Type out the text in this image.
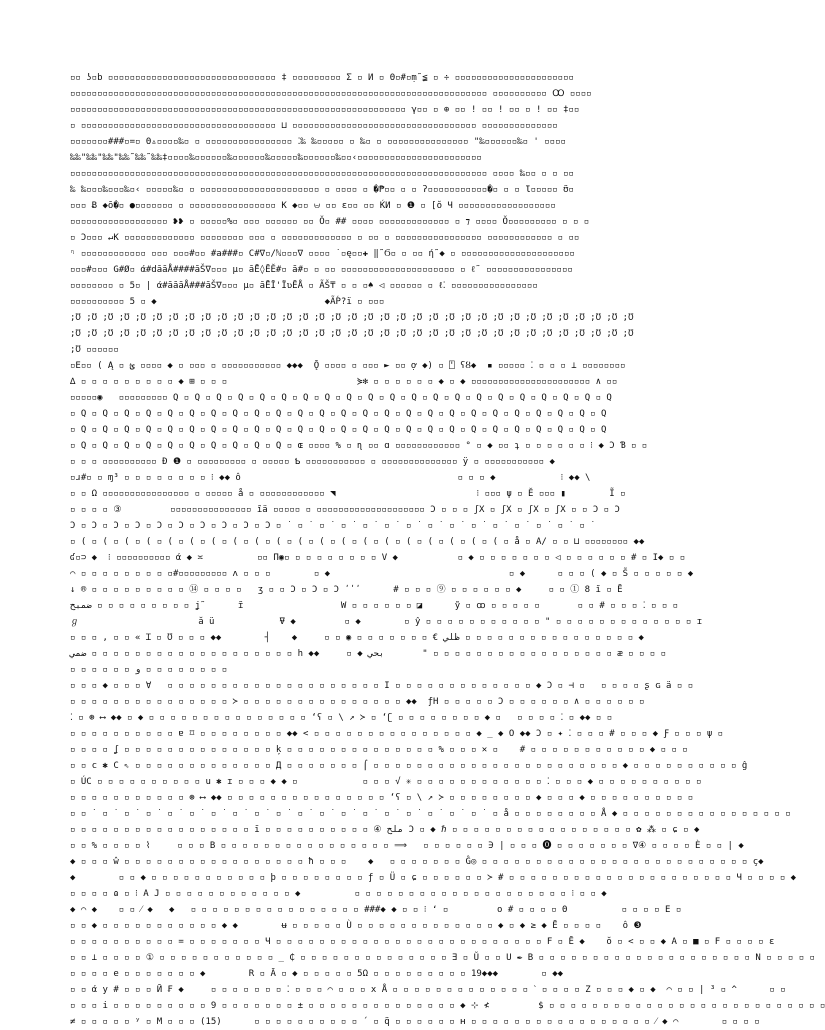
▫▫ ʖ▫b ▫▫▫▫▫▫▫▫▫▫▫▫▫▫▫▫▫▫▫▫▫▫▫▫▫▫▫▫▫▫▫ ‡ ▫▫▫▫▫▫▫▫▫ Σ ▫ И ▫ Θ▫#▫ṃ̃ ≨ ▫ ÷ ▫▫▫▫▫▫▫▫▫▫▫▫▫▫▫▫▫▫▫▫▫▫
▫▫▫▫▫▫▫▫▫▫▫▫▫▫▫▫▫▫▫▫▫▫▫▫▫▫▫▫▫▫▫▫▫▫▫▫▫▫▫▫▫▫▫▫▫▫▫▫▫▫▫▫▫▫▫▫▫▫▫▫▫▫▫▫▫▫▫▫▫▫▫▫▫▫▫▫▫ ▫▫▫▫▫▫▫▫▫▫ Ꝏ ▫▫▫▫
▫▫▫▫▫▫▫▫▫▫▫▫▫▫▫▫▫▫▫▫▫▫▫▫▫▫▫▫▫▫▫▫▫▫▫▫▫▫▫▫▫▫▫▫▫▫▫▫▫▫▫▫▫▫▫▫▫▫▫▫▫▫ γ▫▫ ▫ ⊕ ▫▫ ! ▫▫ ! ▫▫ ▫ ! ▫▫ ‡▫▫
▫ ▫▫▫▫▫▫▫▫▫▫▫▫▫▫▫▫▫▫▫▫▫▫▫▫▫▫▫▫▫▫▫▫▫▫▫▫ ⊔ ▫▫▫▫▫▫▫▫▫▫▫▫▫▫▫▫▫▫▫▫▫▫▫▫▫▫▫▫▫▫▫▫▫▫ ▫▫▫▫▫▫▫▫▫▫▫▫▫▫
▫▫▫▫▫▫▫###▫=▫ Θ▵▫▫▫▫‰▫ ▫ ▫▫▫▫▫▫▫▫▫▫▫▫▫▫▫▫ ⁚‰ ‰▫▫▫▫▫ ▫ ‰▫ ▫ ▫▫▫▫▫▫▫▫▫▫▫▫▫▫▫ "‰▫▫▫▫▫▫‰▫ ' ▫▫▫▫
‰‰"‰‰"‰‰"‰‰˜‰‰˜‰‰‡▫▫▫▫‰▫▫▫▫▫▫‰▫▫▫▫▫▫‰▫▫▫▫▫‰▫▫▫▫▫▫‰▫▫‹▫▫▫▫▫▫▫▫▫▫▫▫▫▫▫▫▫▫▫▫▫▫▫
▫▫▫▫▫▫▫▫▫▫▫▫▫▫▫▫▫▫▫▫▫▫▫▫▫▫▫▫▫▫▫▫▫▫▫▫▫▫▫▫▫▫▫▫▫▫▫▫▫▫▫▫▫▫▫▫▫▫▫▫▫▫▫▫▫▫▫▫▫▫▫▫▫▫▫▫▫ ▫▫▫▫ ‰▫▫ ▫ ▫ ▫▫
‰ ‰▫▫▫‰▫▫▫‰▫‹ ▫▫▫▫▫‰▫ ▫ ▫▫▫▫▫▫▫▫▫▫▫▫▫▫▫▫▫▫▫▫▫▫ ▫ ▫▫▫▫ ▫ �₱▫▫ ▫ ▫ ʔ▫▫▫▫▫▫▫▫▫▫▫�▫ ▫ ▫ Ɩ▫▫▫▫▫ ʊ̃▫
▫▫▫ Ƀ ◆ō�▫ ●▫▫▫▫▫▫▫ ▫ ▫▫▫▫▫▫▫▫▫▫▫▫▫▫▫▫ K ◆▫▫ ⩁ ▫▫ ɛ▫▫ ▫▫ ЌИ ▫ ❶ ▫ [ŏ Ч ▫▫▫▫▫▫▫▫▫▫▫▫▫▫▫▫▫▫
▫▫▫▫▫▫▫▫▫▫▫▫▫▫▫▫▫▫ ❥❥ ▫ ▫▫▫▫▫%▫ ▫▫▫ ▫▫▫▫▫▫ ▫▫ Ŏ▫ ## ▫▫▫▫ ▫▫▫▫▫▫▫▫▫▫▫▫▫ ▫ ⁊ ▫▫▫▫ Ŏ▫▫▫▫▫▫▫▫▫ ▫ ▫ ▫
▫ Ɔ▫▫▫ ↵K ▫▫▫▫▫▫▫▫▫▫▫▫▫ ▫▫▫▫▫▫▫▫ ▫▫▫ ▫ ▫▫▫▫▫▫▫▫▫▫▫▫▫ ▫ ▫▫ ▫ ▫▫▫▫▫▫▫▫▫▫▫▫▫▫▫▫ ▫▫▫▫▫▫▫▫▫▫▫▫ ▫ ▫▫
ᶯ ▫▫▫▫▫▫▫▫▫▫▫▫ ▫▫▫ ▫▫▫#▫▫ #a###▫ C#∇▫/ℕ▫▫▫∇ ▫▫▫▫ ˙▫ę▫▫✚ ‖˜Ϭ▫ ▫ ▫▫ ή̃ ◆ ▫ ▫▫▫▫▫▫▫▫▫▫▫▫▫▫▫▫▫▫▫▫▫
▫▫▫#▫▫▫ G#Ø▫ ά#dāāÅ####āŠ∇▫▫▫ μ▫ ā̈Ē◊ĒĔ#▫ ā#▫ ▫ ▫▫ ▫▫▫▫▫▫▫▫▫▫▫▫▫▫▫▫▫▫▫▫▫ ▫ ℓ˜ ▫▫▫▫▫▫▫▫▫▫▫▫▫▫▫▫
▫▫▫▫▫▫▫▫ ▫ 5▫ | ά#āāāÅ###āŠ∇▫▫▫ μ▫ ā̈ĒĪ'ÏʋĒÅ ▫ ÃŠ₸ ▫ ▫ ▫♠ ◁ ▫▫▫▫▫▫ ▫ ℓ⁚ ▫▫▫▫▫▫▫▫▫▫▫▫▫▫▫▫
▫▫▫▫▫▫▫▫▫▫ 5 ▫ ◆                               ◆ÃṔ?ї ▫ ▫▫▫
;Ʊ ;Ʊ ;Ʊ ;Ʊ ;Ʊ ;Ʊ ;Ʊ ;Ʊ ;Ʊ ;Ʊ ;Ʊ ;Ʊ ;Ʊ ;Ʊ ;Ʊ ;Ʊ ;Ʊ ;Ʊ ;Ʊ ;Ʊ ;Ʊ ;Ʊ ;Ʊ ;Ʊ ;Ʊ ;Ʊ ;Ʊ ;Ʊ ;Ʊ ;Ʊ ;Ʊ ;Ʊ ;Ʊ ;Ʊ ;Ʊ
;Ʊ ;Ʊ ;Ʊ ;Ʊ ;Ʊ ;Ʊ ;Ʊ ;Ʊ ;Ʊ ;Ʊ ;Ʊ ;Ʊ ;Ʊ ;Ʊ ;Ʊ ;Ʊ ;Ʊ ;Ʊ ;Ʊ ;Ʊ ;Ʊ ;Ʊ ;Ʊ ;Ʊ ;Ʊ ;Ʊ ;Ʊ ;Ʊ ;Ʊ ;Ʊ ;Ʊ ;Ʊ ;Ʊ ;Ʊ ;Ʊ
;Ʊ ▫▫▫▫▫▫
▫Ε▫▫ ( Ą ▫ ؿ ▫▫▫▫ ◆ ▫ ▫▫▫ ▫ ▫▫▫▫▫▫▫▫▫▫▫ ◆◆◆  Ǭ ▫▫▫▫ ▫ ▫▫▫ ► ▫▫ ợ ◆) ▫ ⍞ ʕȢ◆  ▪ ▫▫▫▫▫ ⁚ ▫ ▫ ▫ ⊥ ▫▫▫▫▫▫▫▫
∆ ▫ ▫ ▫ ▫ ▫ ▫ ▫ ▫ ▫ ◆ ⊞ ▫ ▫ ▫                        ⋟✻ ▫ ▫ ▫ ▫ ▫ ▫ ◆ ▫ ◆ ▫▫▫▫▫▫▫▫▫▫▫▫▫▫▫▫▫▫▫▫▫▫ ∧ ▫▫
▫▫▫▫▫◉   ▫▫▫▫▫▫▫▫▫ Q ▫ Q ▫ Q ▫ Q ▫ Q ▫ Q ▫ Q ▫ Q ▫ Q ▫ Q ▫ Q ▫ Q ▫ Q ▫ Q ▫ Q ▫ Q ▫ Q ▫ Q ▫ Q ▫ Q ▫ Q
▫ Q ▫ Q ▫ Q ▫ Q ▫ Q ▫ Q ▫ Q ▫ Q ▫ Q ▫ Q ▫ Q ▫ Q ▫ Q ▫ Q ▫ Q ▫ Q ▫ Q ▫ Q ▫ Q ▫ Q ▫ Q ▫ Q ▫ Q ▫ Q ▫ Q
▫ Q ▫ Q ▫ Q ▫ Q ▫ Q ▫ Q ▫ Q ▫ Q ▫ Q ▫ Q ▫ Q ▫ Q ▫ Q ▫ Q ▫ Q ▫ Q ▫ Q ▫ Q ▫ Q ▫ Q ▫ Q ▫ Q ▫ Q ▫ Q ▫ Q
▫ Q ▫ Q ▫ Q ▫ Q ▫ Q ▫ Q ▫ Q ▫ Q ▫ Q ▫ Q ▫ ɶ ▫▫▫▫ % ▫ ɳ ▫▫ ɑ ▫▫▫▫▫▫▫▫▫▫▫▫ ° ▫ ◆ ▫▫ ʇ ▫ ▫ ▫ ▫ ▫ ▫ ⁝ ◆ Ɔ Ɓ ▫ ▫
▫ ▫ ▫ ▫▫▫▫▫▫▫▫▫▫ Ð ❶ ▫ ▫▫▫▫▫▫▫▫▫ ▫ ▫▫▫▫▫ Ƅ ▫▫▫▫▫▫▫▫▫▫▫ ▫ ▫▫▫▫▫▫▫▫▫▫▫▫▫▫ ÿ ▫ ▫▫▫▫▫▫▫▫▫▫▫ ◆
▫ɹ#▫ ▫ ɱ³ ▫ ▫ ▫ ▫ ▫ ▫ ▫ ▫ ⁝ ◆◆ ô                                        ▫ ▫ ▫ ◆            ⁝ ◆◆ \
▫ ▫ Ω ▫▫▫▫▫▫▫▫▫▫▫▫▫▫▫▫ ▫ ▫▫▫▫▫ å ▫ ▫▫▫▫▫▫▫▫▫▫▫▫ ◥                          ⁝ ▫▫▫ ψ ▫ Ĕ ▫▫▫ ▮        Ĩ ▫
▫ ▫ ▫ ▫ ③         ▫▫▫▫▫▫▫▫▫▫▫▫▫▫▫ ȋä ▫▫▫▫▫ ▫ ▫▫▫▫▫▫▫▫▫▫▫▫▫▫▫▫▫▫▫▫ Ɔ ▫ ▫ ▫ ʃX ▫ ʃX ▫ ʃX ▫ ʃX ▫ ▫ Ɔ ▫ Ɔ
Ɔ ▫ Ɔ ▫ Ɔ ▫ Ɔ ▫ Ɔ ▫ Ɔ ▫ Ɔ ▫ Ɔ ▫ Ɔ ▫ Ɔ ▫ ˙ ▫ ˙ ▫ ˙ ▫ ˙ ▫ ˙ ▫ ˙ ▫ ˙ ▫ ˙ ▫ ˙ ▫ ˙ ▫ ˙ ▫ ˙ ▫ ˙ ▫ ˙ ▫ ˙
▫ ( ▫ ( ▫ ( ▫ ( ▫ ( ▫ ( ▫ ( ▫ ( ▫ ( ▫ ( ▫ ( ▫ ( ▫ ( ▫ ( ▫ ( ▫ ( ▫ ( ▫ ( ▫ ( ▫ ( ▫ å ▫ A∕ ▫ ▫ ⊔ ▫▫▫▫▫▫▫▫ ◆◆
ʛ▫⊃ ◆  ⁝ ▫▫▫▫▫▫▫▫▫▫ ά ◆ ≍          ▫▫ Π◉▫ ▫ ▫ ▫ ▫ ▫ ▫ ▫ ▫ V ◆           ▫ ◆ ▫ ▫ ▫ ▫ ▫ ▫ ▫ ◁ ▫ ▫ ▫ ▫ ▫ ▫ # ▫ I◆ ▫ ▫
⌒ ▫ ▫ ▫ ▫ ▫ ▫ ▫ ▫ ▫#▫▫▫▫▫▫▫▫▫ ʌ ▫ ▫ ▫        ▫ ◆                                 ▫ ◆      ▫ ▫ ▫ ( ◆ ▫ S̃ ▫ ▫ ▫ ▫ ▫ ◆
↓ ® ▫ ▫ ▫ ▫ ▫ ▫ ▫ ▫ ▫ ⑭ ▫ ▫ ▫ ▫   ʒ ▫ ▫ Ɔ ▫ Ɔ ▫ Ɔ ʹʹʹ      # ▫ ▫ ▫ ⑨ ▫ ▫ ▫ ▫ ▫ ▫ ◆     ▫ ▫ ① 8 ĭ ▫ Ē
ضمبح ▫ ▫ ▫ ▫ ▫ ▫ ▫ ▫ ▫ ʝ˜      ɪ̃                  W ▫ ▫ ▫ ▫ ▫ ▫ ◪      ỹ ▫ ꝏ ▫ ▫ ▫ ▫ ▫       ▫ ▫ # ▫ ▫ ▫ ⁚ ▫ ▫ ▫
ℊ                      ă ü            ⍫ ◆         ▫ ◆        ▫ ŷ ▫ ▫ ▫ ▫ ▫ ▫ ▫ ▫ ▫ ▫ ▫ " ▫ ▫ ▫ ▫ ▫ ▫ ▫ ▫ ▫ ▫ ▫ ▫ ▫ ɪ
▫ ▫ ▫ , ▫ ▫ « Ɪ ▫ Ʊ ▫ ▫ ▫ ◆◆        ┤    ◆     ▫ ▫ ◉ ▫ ▫ ▫ ▫ ▫ ▫ ▫ € ظلي ▫ ▫ ▫ ▫ ▫ ▫ ▫ ▫ ▫ ▫ ▫ ▫ ▫ ▫ ▫ ▫ ◆
ضمي ▫ ▫ ▫ ▫ ▫ ▫ ▫ ▫ ▫ ▫ ▫ ▫ ▫ ▫ ▫ ▫ ▫ ▫ ▫ h ◆◆     ▫ ◆ بحي       " ▫ ▫ ▫ ▫ ▫ ▫ ▫ ▫ ▫ ▫ ▫ ▫ ▫ ▫ ▫ ▫ ▫ æ ▫ ▫ ▫ ▫
▫ ▫ ▫ ▫ ▫ ▫ و ▫ ▫ ▫ ▫ ▫ ▫ ▫ ▫
▫ ▫ ▫ ◆ ▫ ▫ ▫ ∀   ▫ ▫ ▫ ▫ ▫ ▫ ▫ ▫ ▫ ▫ ▫ ▫ ▫ ▫ ▫ ▫ ▫ ▫ ▫ ▫ I ▫ ▫ ▫ ▫ ▫ ▫ ▫ ▫ ▫ ▫ ▫ ▫ ▫ ◆ Ɔ ▫ ⊣ ▫   ▫ ▫ ▫ ▫ ʂ ɢ ä ▫ ▫
▫ ▫ ▫ ▫ ▫ ▫ ▫ ▫ ▫ ▫ ▫ ▫ ▫ ▫ ▫ ≻ ▫ ▫ ▫ ▫ ▫ ▫ ▫ ▫ ▫ ▫ ▫ ▫ ▫ ▫ ▫ ◆◆  ƒH ▫ ▫ ▫ ▫ ▫ Ɔ ▫ ▫ ▫ ▫ ▫ ▫ ∧ ▫ ▫ ▫ ▫ ▫ ▫
⁚ ▫ ⊛ ⟷ ◆◆ ▫ ◆ ▫ ▫ ▫ ▫ ▫ ▫ ▫ ▫ ▫ ▫ ▫ ▫ ▫ ▫ ▫ ‘ʕ ▫ \ ↗ ≻ ▫ ‘ʗ ▫ ▫ ▫ ▫ ▫ ▫ ▫ ▫ ◆ ▫   ▫ ▫ ▫ ▫ ⁚ ▫ ◆◆ ▫ ▫
▫ ▫ ▫ ▫ ▫ ▫ ▫ ▫ ▫ ▫ ɐ ⌑ ▫ ▫ ▫ ▫ ▫ ▫ ▫ ▫ ◆◆ < ▫ ▫ ▫ ▫ ▫ ▫ ▫ ▫ ▫ ▫ ▫ ▫ ▫ ▫ ▫ ◆ _ ◆ O ◆◆ Ɔ ▫ ✦ ⁚ ▫ ▫ ▫ # ▫ ▫ ▫ ◆ Ƒ ▫ ▫ ▫ ψ ▫
▫ ▫ ▫ ▫ ʆ ▫ ▫ ▫ ▫ ▫ ▫ ▫ ▫ ▫ ▫ ▫ ▫ ▫ ▫ ķ ▫ ▫ ▫ ▫ ▫ ▫ ▫ ▫ ▫ ▫ ▫ ▫ ▫ ▫ % ▫ ▫ ▫ ✕ ▫    # ▫ ▫ ▫ ▫ ▫ ▫ ▫ ▫ ▫ ▫ ▫ ◆ ▫ ▫ ▫
▫ ▫ c ✱ C ⇖ ▫ ▫ ▫ ▫ ▫ ▫ ▫ ▫ ▫ ▫ ▫ ▫ ▫ Д ▫ ▫ ▫ ▫ ▫ ▫ ▫ ⌠ ▫ ▫ ▫ ▫ ▫ ▫ ▫ ▫ ▫ ▫ ▫ ▫ ▫ ▫ ▫ ▫ ▫ ▫ ▫ ▫ ▫ ▫ ▫ ◆ ▫ ▫ ▫ ▫ ▫ ▫ ▫ ▫ ▫ ▫ ĝ
▫ ÚC ▫ ▫ ▫ ▫ ▫ ▫ ▫ ▫ ▫ ▫ u ✱ ɪ ▫ ▫ ▫ ◆ ◆ ▫            ▫ ▫ ▫ √ ✳ ▫ ▫ ▫ ▫ ▫ ▫ ▫ ▫ ▫ ▫ ▫ ▫ ⁚ ▫ ▫ ▫ ◆ ▫ ▫ ▫ ▫ ▫ ▫ ▫ ▫ ▫ ▫
▫ ▫ ▫ ▫ ▫ ▫ ▫ ▫ ▫ ▫ ▫ ⊛ ⟷ ◆◆ ▫ ▫ ▫ ▫ ▫ ▫ ▫ ▫ ▫ ▫ ▫ ▫ ▫ ▫ ▫ ‘ʕ ▫ \ ↗ ≻ ▫ ▫ ▫ ▫ ▫ ▫ ▫ ▫ ◆ ▫ ▫ ▫ ◆ ▫ ▫ ▫ ▫ ▫ ▫ ▫ ▫ ▫ ▫
▫ ▫ ˙ ▫ ˙ ▫ ˙ ▫ ˙ ▫ ˙ ▫ ˙ ▫ ˙ ▫ ˙ ▫ ˙ ▫ ˙ ▫ ˙ ▫ ˙ ▫ ˙ ▫ ˙ ▫ ˙ ▫ ˙ ▫ ˙ ▫ ˙ ▫ ˙ ▫ å ▫ ▫ ▫ ▫ ▫ ▫ ▫ ▫ Å ◆ ▫ ▫ ▫ ▫ ▫ ▫ ▫ ▫ ▫ ▫ ▫ ▫ ▫ ▫ ▫ ▫
▫ ▫ ▫ ▫ ▫ ▫ ▫ ▫ ▫ ▫ ▫ ▫ ▫ ▫ ▫ ▫ ▫ ī ▫ ▫ ▫ ▫ ▫ ▫ ▫ ▫ ▫ ▫ ④ ملح Ɔ ▫ ◆ ℏ ▫ ▫ ▫ ▫ ▫ ▫ ▫ ▫ ▫ ▫ ▫ ▫ ▫ ▫ ▫ ▫ ▫ ✿ ⁂ ▫ ɕ ▫ ◆
▫ ▫ % ▫ ▫ ▫ ▫ ⌇     ▫ ▫ ▫ B ▫ ▫ ▫ ▫ ▫ ▫ ▫ ▫ ▫ ▫ ▫ ▫ ▫ ▫ ▫ ▫ ⟹   ▫ ▫ ▫ ▫ ▫ ▫ ∋ | ▫ ▫ ▫ ⓿ ▫ ▫ ▫ ▫ ▫ ▫ ▫ ∇④ ▫ ▫ ▫ ▫ È ▫ ▫ | ◆
◆ ▫ ▫ ▫ ŵ ▫ ▫ ▫ ▫ ▫ ▫ ▫ ▫ ▫ ▫ ▫ ▫ ▫ ▫ ▫ ▫ ▫ ħ ▫ ▫ ▫    ◆   ▫ ▫ ▫ ▫ ▫ ▫ ▫ Ĝ◎ ▫ ▫ ▫ ▫ ▫ ▫ ▫ ▫ ▫ ▫ ▫ ▫ ▫ ▫ ▫ ▫ ▫ ▫ ▫ ▫ ▫ ▫ ▫ ▫ ▫ ç◆
◆        ▫ ▫ ◆ ▫ ▫ ▫ ▫ ▫ ▫ ▫ ▫ ▫ ▫ ▫ þ ▫ ▫ ▫ ▫ ▫ ▫ ▫ ▫ ƒ ▫ Ü ▫ ɕ ▫ ▫ ▫ ▫ ▫ ▫ ≻ # ▫ ▫ ▫ ▫ ▫ ▫ ▫ ▫ ▫ ▫ ▫ ▫ ▫ ▫ ▫ ▫ ▫ ▫ ▫ ▫ ▫ Ч ▫ ▫ ▫ ▫ ◆
▫ ▫ ▫ ▫ ɷ ▫ ⁝ A J ▫ ▫ ▫ ▫ ▫ ▫ ▫ ▫ ▫ ▫ ▫ ▫ ◆          ▫ ▫ ▫ ▫ ▫ ▫ ▫ ▫ ▫ ▫ ▫ ▫ ▫ ▫ ▫ ▫ ▫ ▫ ▫ ▫ ⁝ ▫ ▫ ◆
◆ ⌒ ◆    ▫ ▫ ⁄ ◆   ◆   ▫ ▫ ▫ ▫ ▫ ▫ ▫ ▫ ▫ ▫ ▫ ▫ ▫ ▫ ▫ ▫ ###◆ ◆ ▫ ▫ ⁝ ʻ ▫         ο # ▫ ▫ ▫ ▫ Θ          ▫ ▫ ▫ ▫ Ε ▫
▫ ▫ ◆ ▫ ▫ ▫ ▫ ▫ ▫ ▫ ▫ ▫ ▫ ▫ ◆ ◆        ʉ ▫ ▫ ▫ ▫ ▫ Ù ▫ ▫ ▫ ▫ ▫ ▫ ▫ ▫ ▫ ▫ ▫ ▫ ▫ ◆ ▫ ◆ ≥ ◆ Ē ▫ ▫ ▫ ▫    ô ❸
▫ ▫ ▫ ▫ ▫ ▫ ▫ ▫ ▫ ▫ = ▫ ▫ ▫ ▫ ▫ ▫ ▫ Ч ▫ ▫ ▫ ▫ ▫ ▫ ▫ ▫ ▫ ▫ ▫ ▫ ▫ ▫ ▫ ▫ ▫ ▫ ▫ ▫ ▫ ▫ ▫ ▫ ▫ F ▫ Ē ◆    ŏ ▫ < ▫ ▫ ◆ A ▫ ■ ▫ F ▫ ▫ ▫ ▫ ε
▫ ▫ ⊥ ▫ ▫ ▫ ▫ ① ▫ ▫ ▫ ▫ ▫ ▫ ▫ ▫ ▫ ▫ ▫ _ ₵ ▫ ▫ ▫ ▫ ▫ ▫ ▫ ▫ ▫ ▫ ▫ ▫ ▫ ▫ ∃ ▫ Ŭ ▫ ▫ U ✒ B ▫ ▫ ▫ ▫ ▫ ▫ ▫ ▫ ▫ ▫ ▫ ▫ ▫ ▫ ▫ ▫ ▫ ▫ ▫ ▫ N ▫ ▫ ▫ ▫ ▫
▫ ▫ ▫ ▫ e ▫ ▫ ▫ ▫ ▫ ▫ ▫ ◆        R ▫ Ā ▫ ◆ ▫ ▫ ▫ ▫ ▫ 5Ω ▫ ▫ ▫ ▫ ▫ ▫ ▫ ▫ ▫ 19◆◆◆        ▫ ◆◆
▫ ▫ ά y # ▫ ▫ ▫ Ӣ ₣ ◆     ▫ ▫ ▫ ▫ ▫ ▫ ▫ ⁚ ▫ ▫ ▫ ⌒ ▫ ▫ ▫ x Å ▫ ▫ ▫ ▫ ▫ ▫ ▫ ▫ ▫ ▫ ▫ ▫ ▫ ˋ ▫ ▫ ▫ ▫ Z ▫ ▫ ▫ ◆ ▫ ◆  ⌒ ▫ ▫ | ³ ▫ ^      ▫ ▫
▫ ▫ ▫ i ▫ ▫ ▫ ▫ ▫ ▫ ▫ ▫ ▫ 9 ▫ ▫ ▫ ▫ ▫ ▫ ▫ ± ▫ ▫ ▫ ▫ ▫ ▫ ▫ ▫ ▫ ▫ ▫ ▫ ▫ ▫ ◆ ⊹ ≮         $ ▫ ▫ ▫ ▫ ▫ ▫ ▫ ▫ ▫ ▫ ▫ ▫ ▫ ▫ ▫ ▫ ▫ ▫ ▫ ▫ ▫ ▫ ▫ ▫ ▫ ▫
≠ ▫ ▫ ▫ ▫ ▫ ʸ ▫ M ▫ ▫ ▫ (15)      ▫ ▫ ▫ ▫ ▫ ▫ ▫ ▫ ▫ ▫ ´ ▫ q̃ ▫ ▫ ▫ ▫ ▫ ▫ ʜ ▫ ▫ ▫ ▫ ▫ ▫ ▫ ▫ ▫ ▫ ▫ ▫ ▫ ▫ ▫ ▫ ▫ ⁄ ◆ ⌒        ▫ ▫ ▫ ▫
